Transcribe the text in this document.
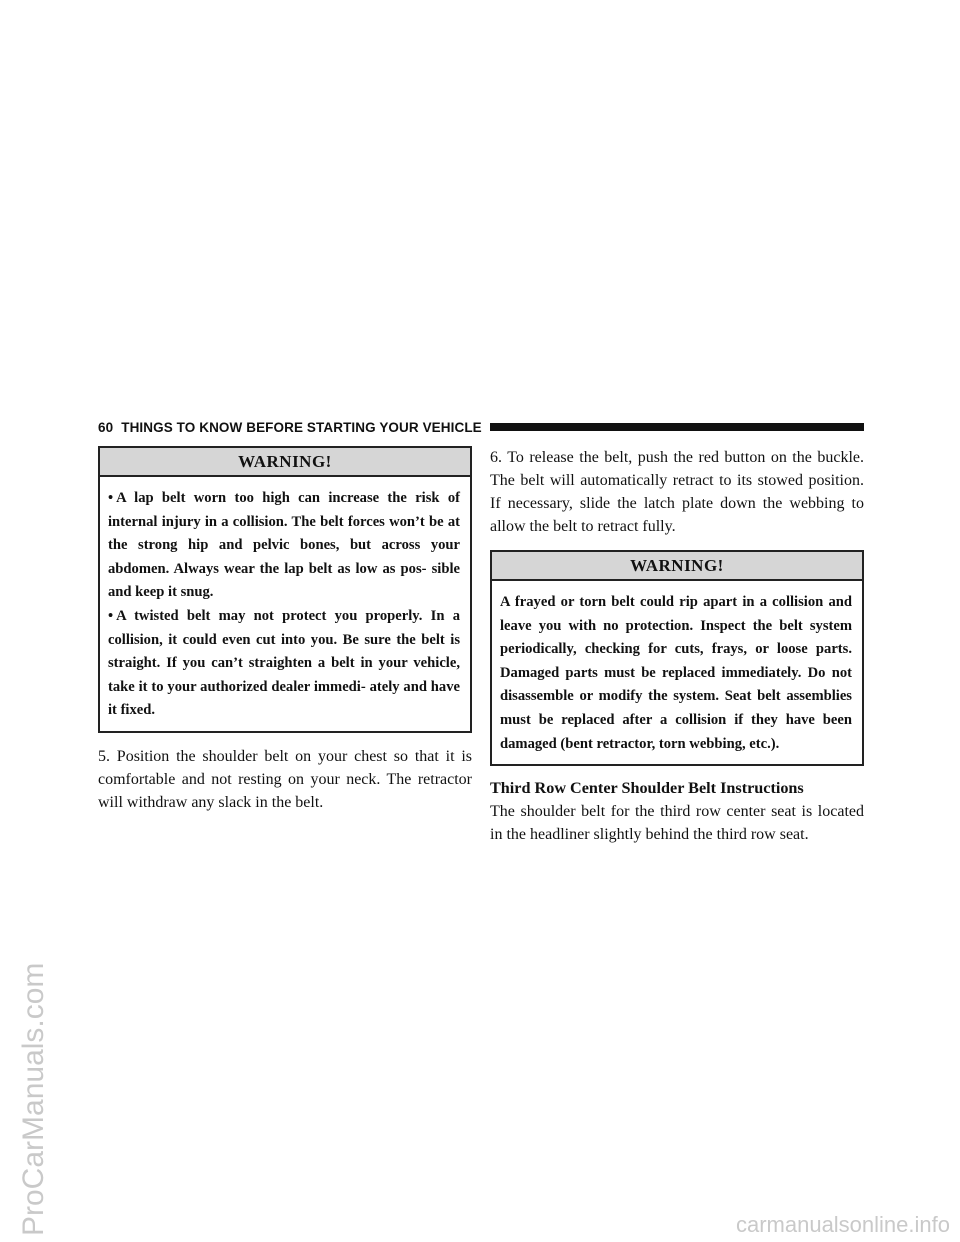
ProCarManuals.com	carmanualsonline.info
60 THINGS TO KNOW BEFORE STARTING YOUR VEHICLE
WARNING!

• A lap belt worn too high can increase the risk of internal injury in a collision. The belt forces won’t be at the strong hip and pelvic bones, but across your abdomen. Always wear the lap belt as low as pos- sible and keep it snug.

• A twisted belt may not protect you properly. In a collision, it could even cut into you. Be sure the belt is straight. If you can’t straighten a belt in your vehicle, take it to your authorized dealer immedi- ately and have it fixed.

5. Position the shoulder belt on your chest so that it is comfortable and not resting on your neck. The retractor will withdraw any slack in the belt.

6. To release the belt, push the red button on the buckle. The belt will automatically retract to its stowed position. If necessary, slide the latch plate down the webbing to allow the belt to retract fully.

WARNING!

A frayed or torn belt could rip apart in a collision and leave you with no protection. Inspect the belt system periodically, checking for cuts, frays, or loose parts. Damaged parts must be replaced immediately. Do not disassemble or modify the system. Seat belt assemblies must be replaced after a collision if they have been damaged (bent retractor, torn webbing, etc.).

Third Row Center Shoulder Belt Instructions

The shoulder belt for the third row center seat is located in the headliner slightly behind the third row seat.
